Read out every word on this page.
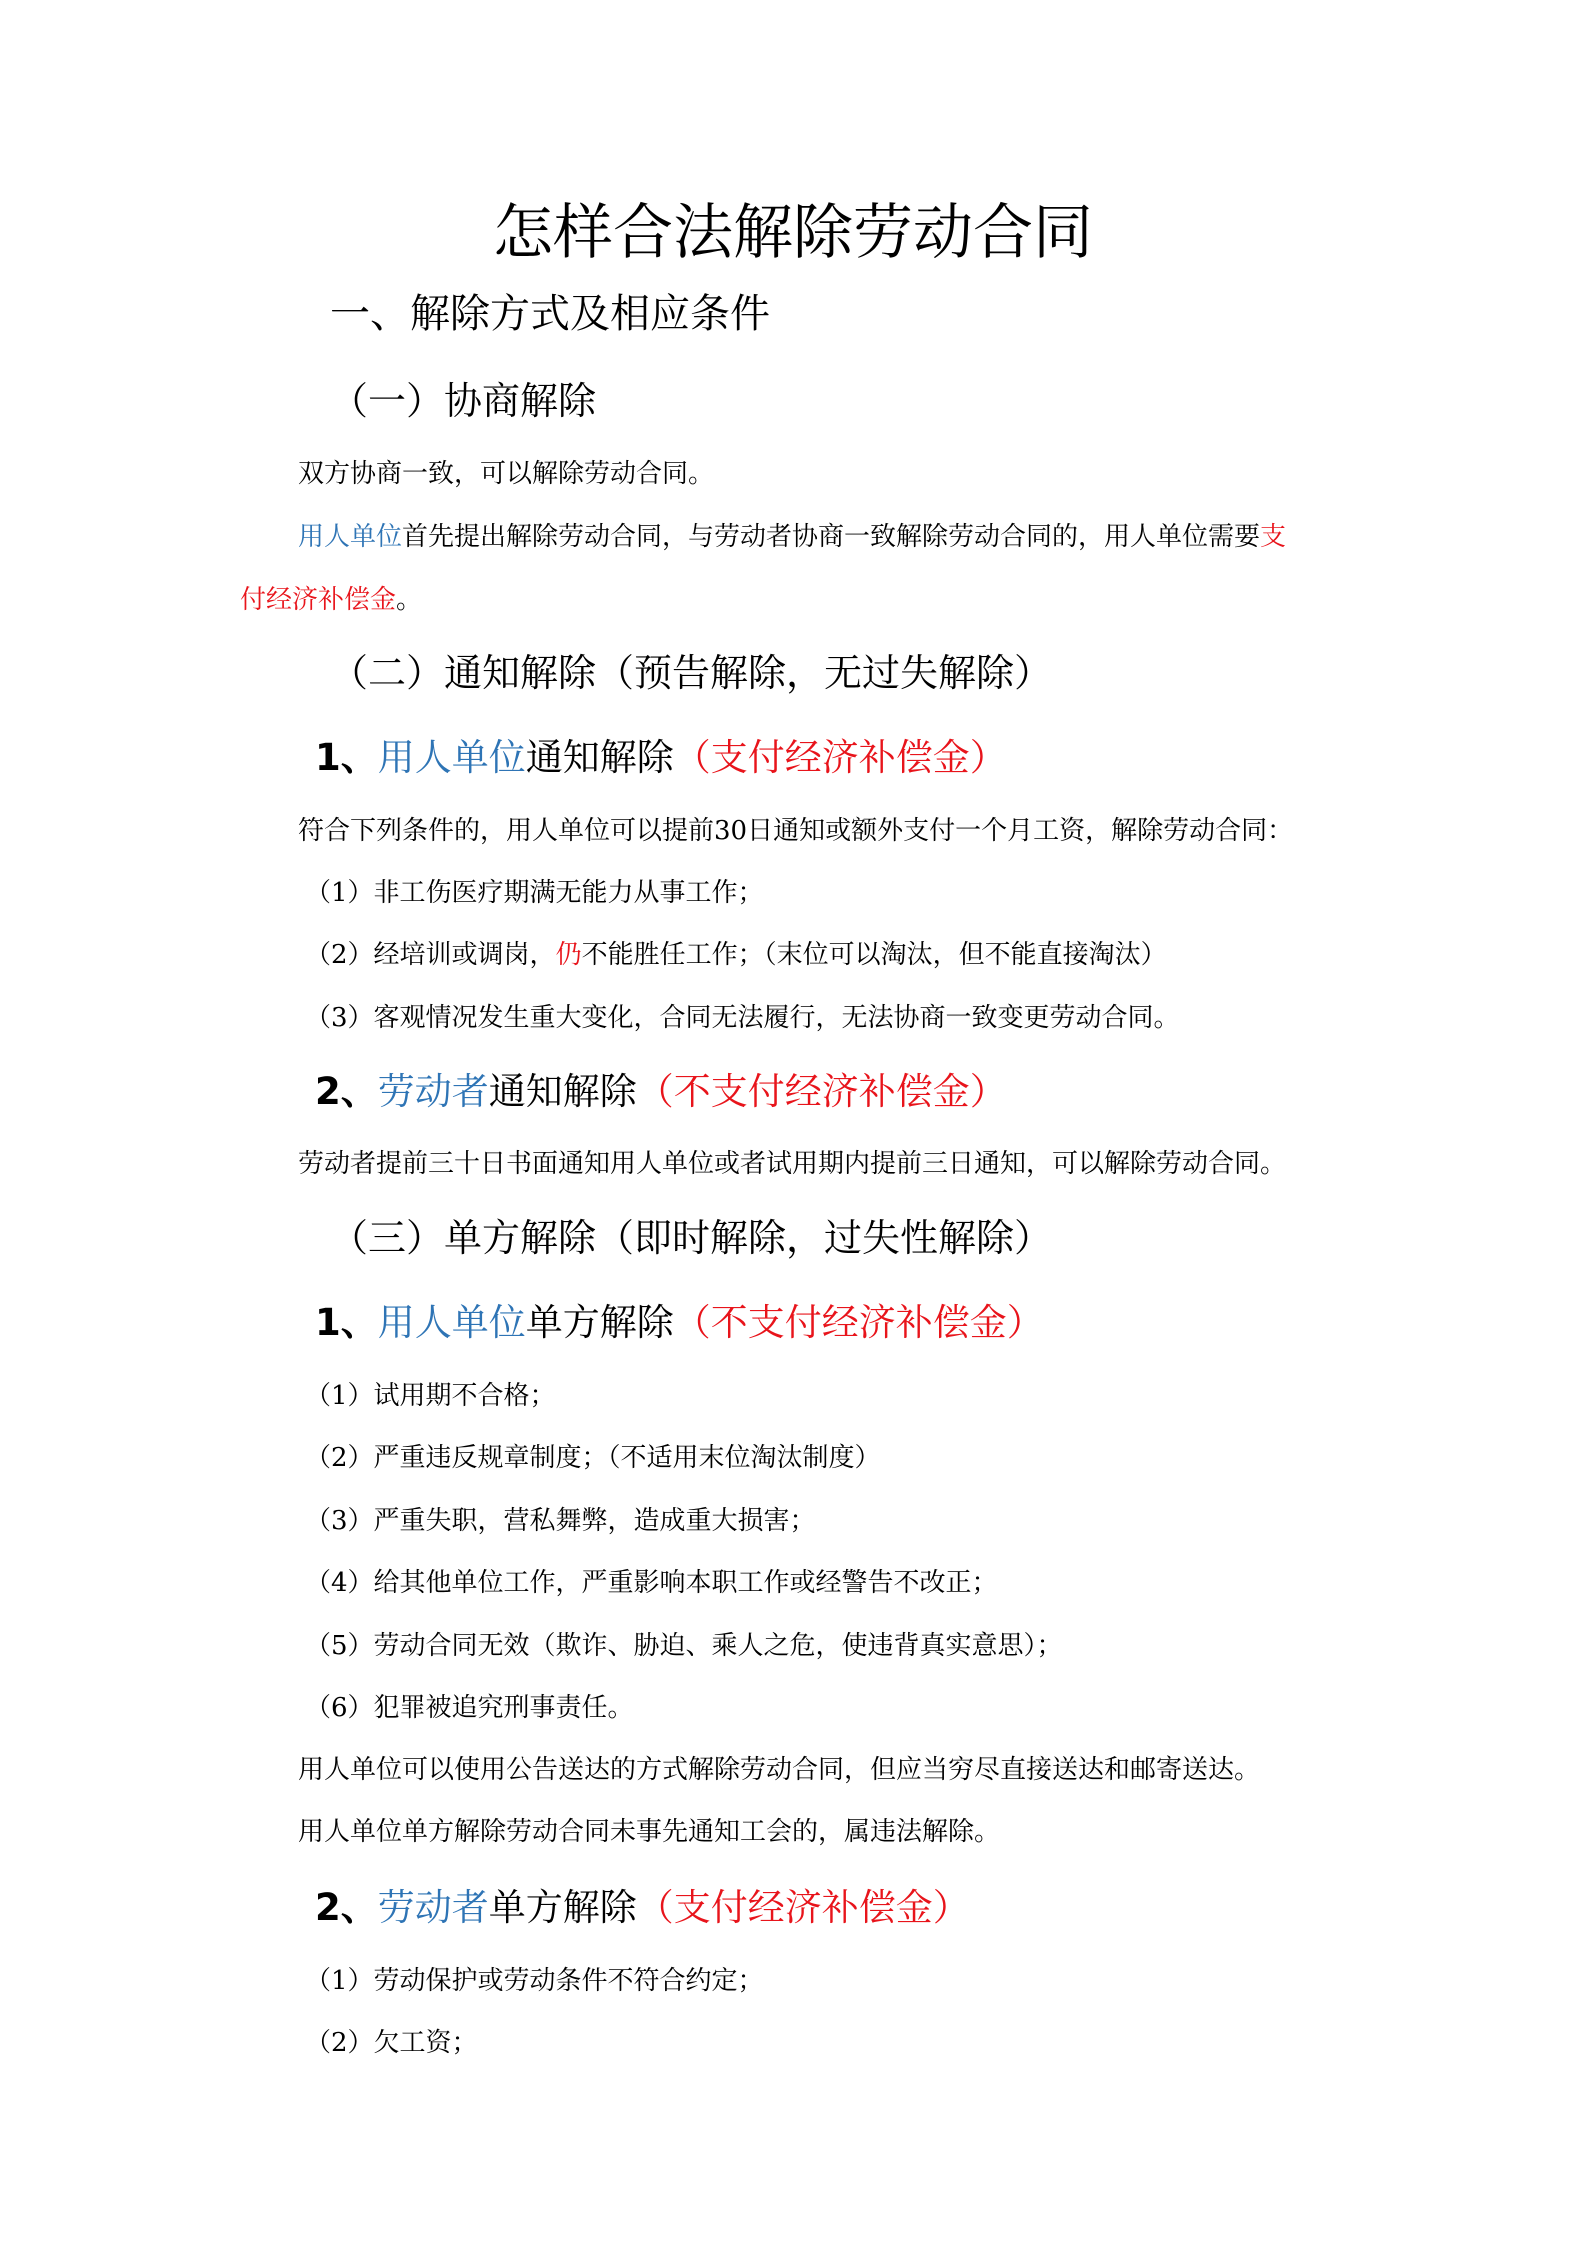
怎样合法解除劳动合同
一、解除方式及相应条件
（一）协商解除
双方协商一致，可以解除劳动合同。
用人单位首先提出解除劳动合同，与劳动者协商一致解除劳动合同的，用人单位需要支
付经济补偿金。
（二）通知解除（预告解除，无过失解除）
1、用人单位通知解除（支付经济补偿金）
符合下列条件的，用人单位可以提前30日通知或额外支付一个月工资，解除劳动合同：
（1）非工伤医疗期满无能力从事工作；
（2）经培训或调岗，仍不能胜任工作；（末位可以淘汰，但不能直接淘汰）
（3）客观情况发生重大变化，合同无法履行，无法协商一致变更劳动合同。
2、劳动者通知解除（不支付经济补偿金）
劳动者提前三十日书面通知用人单位或者试用期内提前三日通知，可以解除劳动合同。
（三）单方解除（即时解除，过失性解除）
1、用人单位单方解除（不支付经济补偿金）
（1）试用期不合格；
（2）严重违反规章制度；（不适用末位淘汰制度）
（3）严重失职，营私舞弊，造成重大损害；
（4）给其他单位工作，严重影响本职工作或经警告不改正；
（5）劳动合同无效（欺诈、胁迫、乘人之危，使违背真实意思）；
（6）犯罪被追究刑事责任。
用人单位可以使用公告送达的方式解除劳动合同，但应当穷尽直接送达和邮寄送达。
用人单位单方解除劳动合同未事先通知工会的，属违法解除。
2、劳动者单方解除（支付经济补偿金）
（1）劳动保护或劳动条件不符合约定；
（2）欠工资；
